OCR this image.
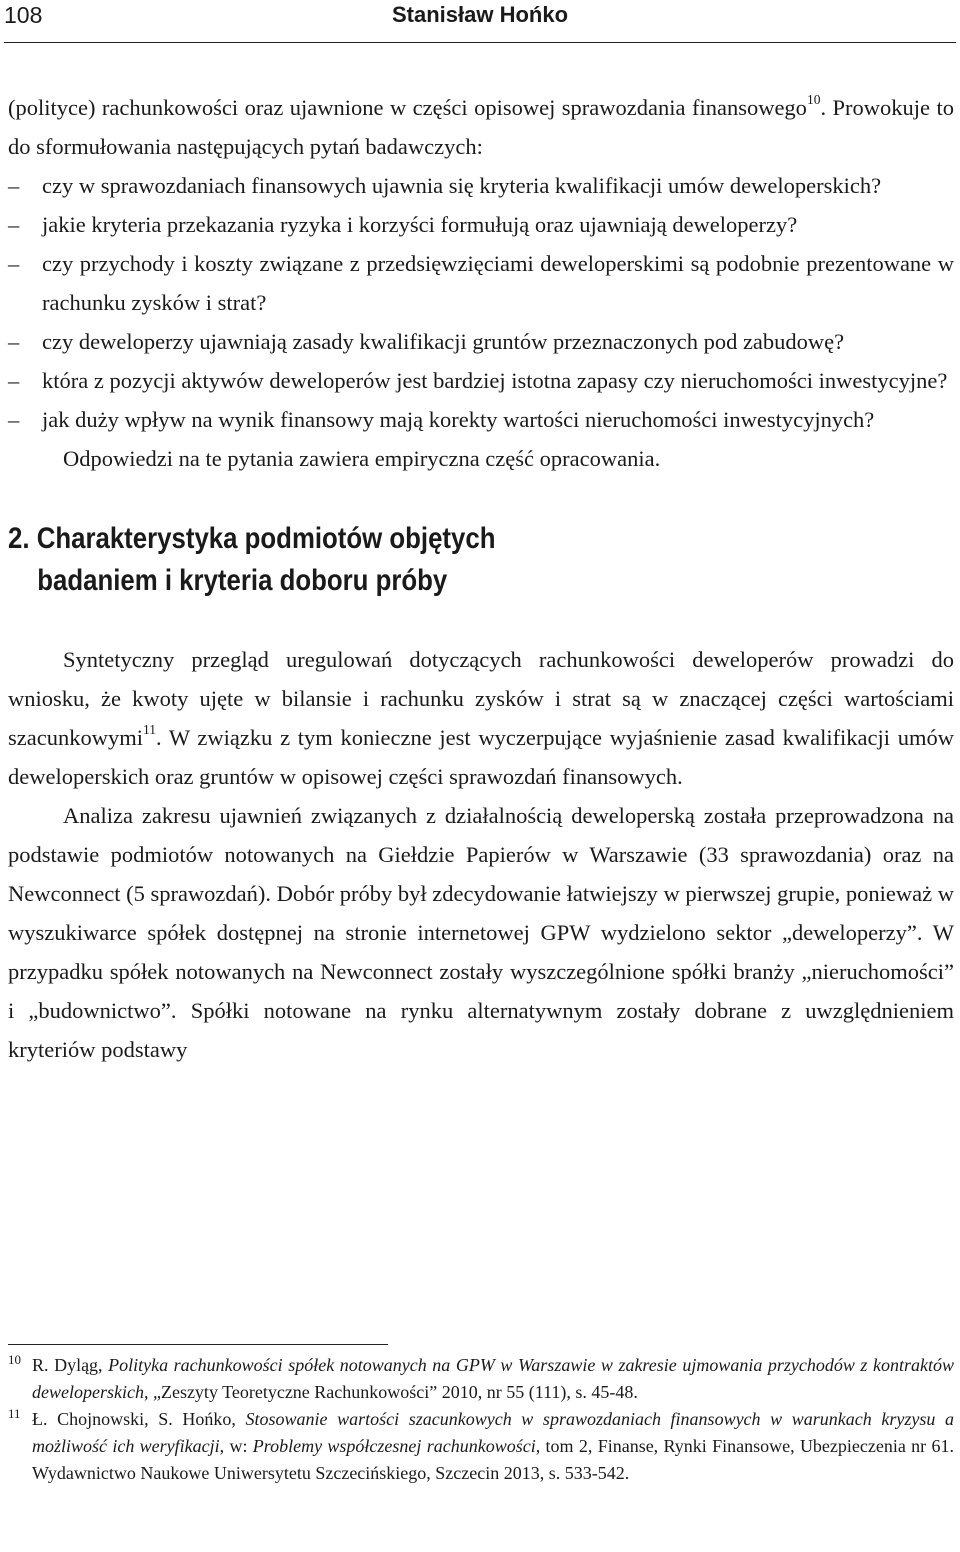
108	Stanisław Hońko

(polityce) rachunkowości oraz ujawnione w części opisowej sprawozdania finansowego$^{10}$. Prowokuje to do sformułowania następujących pytań badawczych:

– czy w sprawozdaniach finansowych ujawnia się kryteria kwalifikacji umów deweloperskich?
– jakie kryteria przekazania ryzyka i korzyści formułują oraz ujawniają deweloperzy?
– czy przychody i koszty związane z przedsięwzięciami deweloperskimi są podobnie prezentowane w rachunku zysków i strat?
– czy deweloperzy ujawniają zasady kwalifikacji gruntów przeznaczonych pod zabudowę?
– która z pozycji aktywów deweloperów jest bardziej istotna zapasy czy nieruchomości inwestycyjne?
– jak duży wpływ na wynik finansowy mają korekty wartości nieruchomości inwestycyjnych?

Odpowiedzi na te pytania zawiera empiryczna część opracowania.

2. Charakterystyka podmiotów objętych
badaniem i kryteria doboru próby

Syntetyczny przegląd uregulowań dotyczących rachunkowości deweloperów prowadzi do wniosku, że kwoty ujęte w bilansie i rachunku zysków i strat są w znaczącej części wartościami szacunkowymi$^{11}$. W związku z tym konieczne jest wyczerpujące wyjaśnienie zasad kwalifikacji umów deweloperskich oraz gruntów w opisowej części sprawozdań finansowych.

Analiza zakresu ujawnień związanych z działalnością deweloperską została przeprowadzona na podstawie podmiotów notowanych na Giełdzie Papierów w Warszawie (33 sprawozdania) oraz na Newconnect (5 sprawozdań). Dobór próby był zdecydowanie łatwiejszy w pierwszej grupie, ponieważ w wyszukiwarce spółek dostępnej na stronie internetowej GPW wydzielono sektor „deweloperzy”. W przypadku spółek notowanych na Newconnect zostały wyszczególnione spółki branży „nieruchomości” i „budownictwo”. Spółki notowane na rynku alternatywnym zostały dobrane z uwzględnieniem kryteriów podstawy

10 R. Dyląg, Polityka rachunkowości spółek notowanych na GPW w Warszawie w zakresie ujmowania przychodów z kontraktów deweloperskich, „Zeszyty Teoretyczne Rachunkowości” 2010, nr 55 (111), s. 45-48.
11 Ł. Chojnowski, S. Hońko, Stosowanie wartości szacunkowych w sprawozdaniach finansowych w warunkach kryzysu a możliwość ich weryfikacji, w: Problemy współczesnej rachunkowości, tom 2, Finanse, Rynki Finansowe, Ubezpieczenia nr 61. Wydawnictwo Naukowe Uniwersytetu Szczecińskiego, Szczecin 2013, s. 533-542.
